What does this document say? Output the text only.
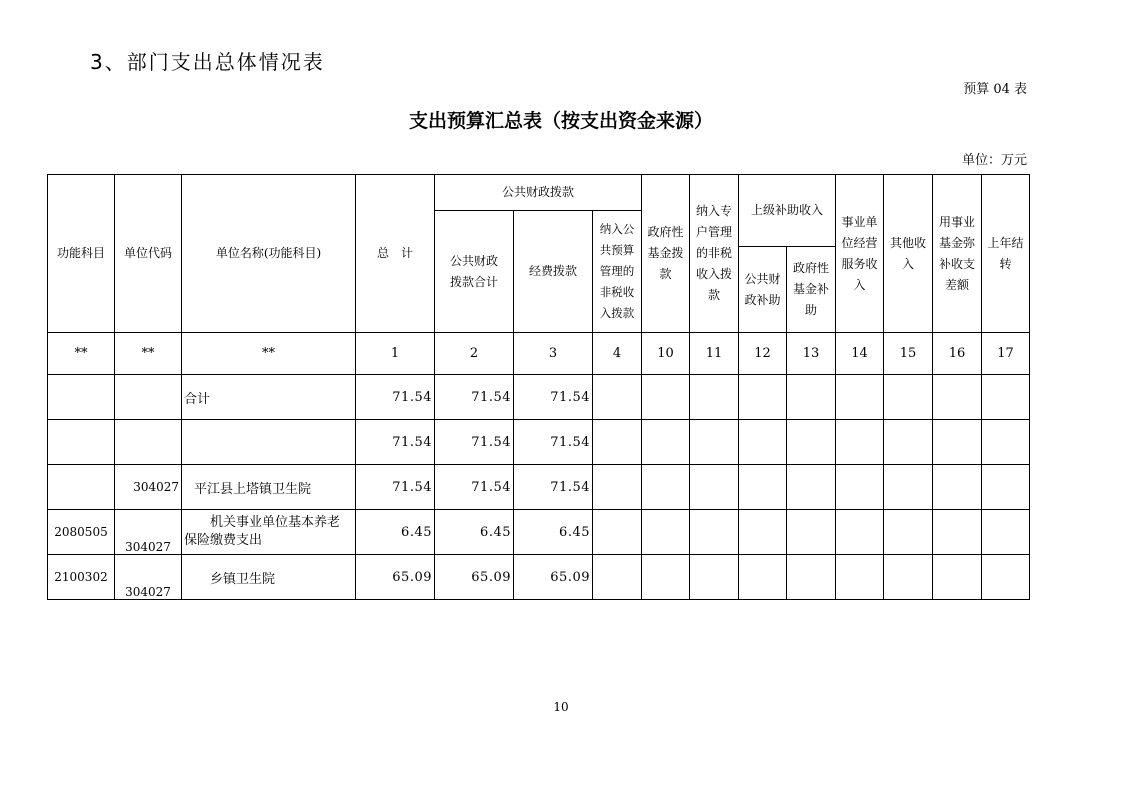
3、部门支出总体情况表
预算 04 表
支出预算汇总表（按支出资金来源）
单位：万元
功能科目	单位代码	单位名称(功能科目)	总　计	公共财政拨款			政府性基金拨款	纳入专户管理的非税收入拨款	上级补助收入		事业单位经营服务收入	其他收入	用事业基金弥补收支差额	上年结转
				公共财政拨款合计	经费拨款	纳入公共预算管理的非税收入拨款								
									公共财政补助	政府性基金补助				
**	**	**	1	2	3	4	10	11	12	13	14	15	16	17
		合计	71.54	71.54	71.54									
			71.54	71.54	71.54									
	304027	平江县上塔镇卫生院	71.54	71.54	71.54									
2080505	304027	机关事业单位基本养老
保险缴费支出	6.45	6.45	6.45									
2100302	304027	乡镇卫生院	65.09	65.09	65.09									
10
